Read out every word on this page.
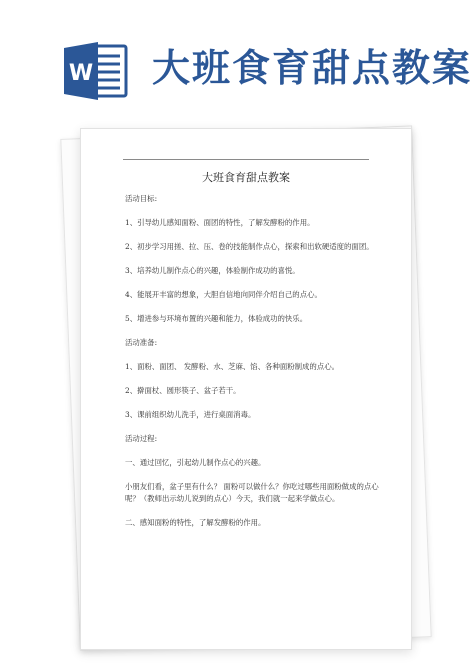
W 大班食育甜点教案
大班食育甜点教案

活动目标:

1、引导幼儿感知面粉、面团的特性，了解发酵粉的作用。

2、初步学习用搓、拉、压、卷的技能制作点心，探索和出软硬适度的面团。

3、培养幼儿制作点心的兴趣，体验制作成功的喜悦。

4、能展开丰富的想象，大胆自信地向同伴介绍自己的点心。

5、增进参与环境布置的兴趣和能力，体验成功的快乐。

活动准备:

1、面粉、面团、 发酵粉、水、芝麻、馅、各种面粉制成的点心。

2、擀面杖、圆形筷子、盆子若干。

3、课前组织幼儿洗手，进行桌面消毒。

活动过程:

一、通过回忆，引起幼儿制作点心的兴趣。

小朋友们看，盆子里有什么？ 面粉可以做什么？你吃过哪些用面粉做成的点心呢？（教师出示幼儿说到的点心）今天，我们就一起来学做点心。

二、感知面粉的特性，了解发酵粉的作用。
